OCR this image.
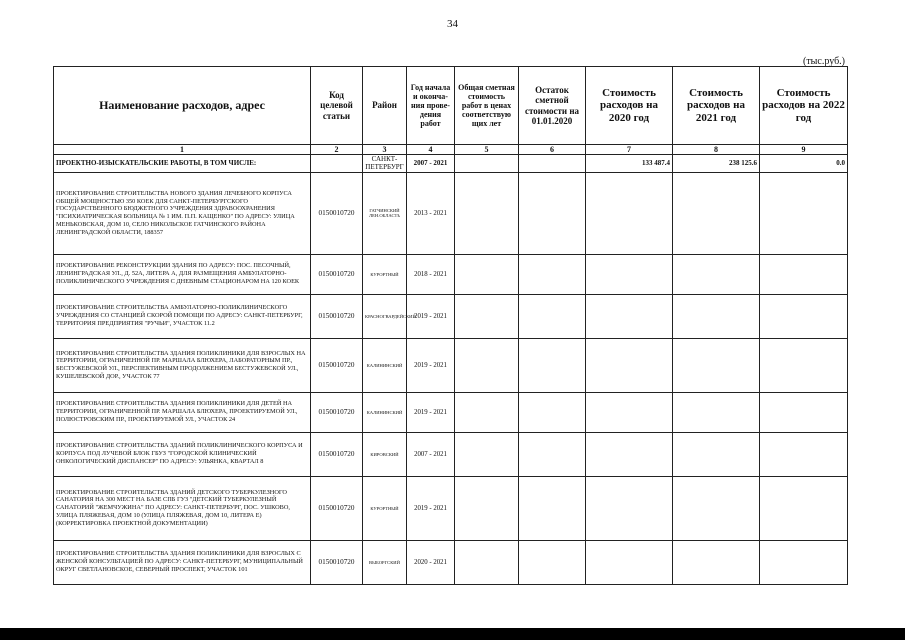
34
(тыс.руб.)
Наименование расходов, адрес	Код целевой статьи	Район	Год начала и оконча-ния прове-дения работ	Общая сметная стоимость работ в ценах соответствую щих лет	Остаток сметной стоимости на 01.01.2020	Стоимость расходов на 2020 год	Стоимость расходов на 2021 год	Стоимость расходов на 2022 год
1	2	3	4	5	6	7	8	9
ПРОЕКТНО-ИЗЫСКАТЕЛЬСКИЕ РАБОТЫ, В ТОМ ЧИСЛЕ:		САНКТ-ПЕТЕРБУРГ	2007 - 2021			133 487.4	238 125.6	0.0
ПРОЕКТИРОВАНИЕ СТРОИТЕЛЬСТВА НОВОГО ЗДАНИЯ ЛЕЧЕБНОГО КОРПУСА ОБЩЕЙ МОЩНОСТЬЮ 350 КОЕК ДЛЯ САНКТ-ПЕТЕРБУРГСКОГО ГОСУДАРСТВЕННОГО БЮДЖЕТНОГО УЧРЕЖДЕНИЯ ЗДРАВООХРАНЕНИЯ "ПСИХИАТРИЧЕСКАЯ БОЛЬНИЦА № 1 ИМ. П.П. КАЩЕНКО" ПО АДРЕСУ: УЛИЦА МЕНЬКОВСКАЯ, ДОМ 10, СЕЛО НИКОЛЬСКОЕ ГАТЧИНСКОГО РАЙОНА ЛЕНИНГРАДСКОЙ ОБЛАСТИ, 188357	0150010720	ГАТЧИНСКИЙ ЛЕН.ОБЛАСТЬ	2013 - 2021					
ПРОЕКТИРОВАНИЕ РЕКОНСТРУКЦИИ ЗДАНИЯ ПО АДРЕСУ: ПОС. ПЕСОЧНЫЙ, ЛЕНИНГРАДСКАЯ УЛ., Д. 52А, ЛИТЕРА А, ДЛЯ РАЗМЕЩЕНИЯ АМБУЛАТОРНО-ПОЛИКЛИНИЧЕСКОГО УЧРЕЖДЕНИЯ С ДНЕВНЫМ СТАЦИОНАРОМ НА 120 КОЕК	0150010720	КУРОРТНЫЙ	2018 - 2021					
ПРОЕКТИРОВАНИЕ СТРОИТЕЛЬСТВА АМБУЛАТОРНО-ПОЛИКЛИНИЧЕСКОГО УЧРЕЖДЕНИЯ СО СТАНЦИЕЙ СКОРОЙ ПОМОЩИ ПО АДРЕСУ: САНКТ-ПЕТЕРБУРГ, ТЕРРИТОРИЯ ПРЕДПРИЯТИЯ "РУЧЬИ", УЧАСТОК 11.2	0150010720	КРАСНОГВАРДЕЙСКИЙ	2019 - 2021					
ПРОЕКТИРОВАНИЕ СТРОИТЕЛЬСТВА ЗДАНИЯ ПОЛИКЛИНИКИ ДЛЯ ВЗРОСЛЫХ НА ТЕРРИТОРИИ, ОГРАНИЧЕННОЙ ПР. МАРШАЛА БЛЮХЕРА, ЛАБОРАТОРНЫМ ПР., БЕСТУЖЕВСКОЙ УЛ., ПЕРСПЕКТИВНЫМ ПРОДОЛЖЕНИЕМ БЕСТУЖЕВСКОЙ УЛ., КУШЕЛЕВСКОЙ ДОР., УЧАСТОК 77	0150010720	КАЛИНИНСКИЙ	2019 - 2021					
ПРОЕКТИРОВАНИЕ СТРОИТЕЛЬСТВА ЗДАНИЯ ПОЛИКЛИНИКИ ДЛЯ ДЕТЕЙ НА ТЕРРИТОРИИ, ОГРАНИЧЕННОЙ ПР. МАРШАЛА БЛЮХЕРА, ПРОЕКТИРУЕМОЙ УЛ., ПОЛЮСТРОВСКИМ ПР., ПРОЕКТИРУЕМОЙ УЛ., УЧАСТОК 24	0150010720	КАЛИНИНСКИЙ	2019 - 2021					
ПРОЕКТИРОВАНИЕ СТРОИТЕЛЬСТВА ЗДАНИЙ ПОЛИКЛИНИЧЕСКОГО КОРПУСА И КОРПУСА ПОД ЛУЧЕВОЙ БЛОК ГБУЗ "ГОРОДСКОЙ КЛИНИЧЕСКИЙ ОНКОЛОГИЧЕСКИЙ ДИСПАНСЕР" ПО АДРЕСУ: УЛЬЯНКА, КВАРТАЛ 8	0150010720	КИРОВСКИЙ	2007 - 2021					
ПРОЕКТИРОВАНИЕ СТРОИТЕЛЬСТВА ЗДАНИЙ ДЕТСКОГО ТУБЕРКУЛЕЗНОГО САНАТОРИЯ НА 300 МЕСТ НА БАЗЕ СПБ ГУЗ "ДЕТСКИЙ ТУБЕРКУЛЕЗНЫЙ САНАТОРИЙ "ЖЕМЧУЖИНА" ПО АДРЕСУ: САНКТ-ПЕТЕРБУРГ, ПОС. УШКОВО, УЛИЦА ПЛЯЖЕВАЯ, ДОМ 10 (УЛИЦА ПЛЯЖЕВАЯ, ДОМ 10, ЛИТЕРА Е) (КОРРЕКТИРОВКА ПРОЕКТНОЙ ДОКУМЕНТАЦИИ)	0150010720	КУРОРТНЫЙ	2019 - 2021					
ПРОЕКТИРОВАНИЕ СТРОИТЕЛЬСТВА ЗДАНИЯ ПОЛИКЛИНИКИ ДЛЯ ВЗРОСЛЫХ С ЖЕНСКОЙ КОНСУЛЬТАЦИЕЙ ПО АДРЕСУ: САНКТ-ПЕТЕРБУРГ, МУНИЦИПАЛЬНЫЙ ОКРУГ СВЕТЛАНОВСКОЕ, СЕВЕРНЫЙ ПРОСПЕКТ, УЧАСТОК 101	0150010720	ВЫБОРГСКИЙ	2020 - 2021					
